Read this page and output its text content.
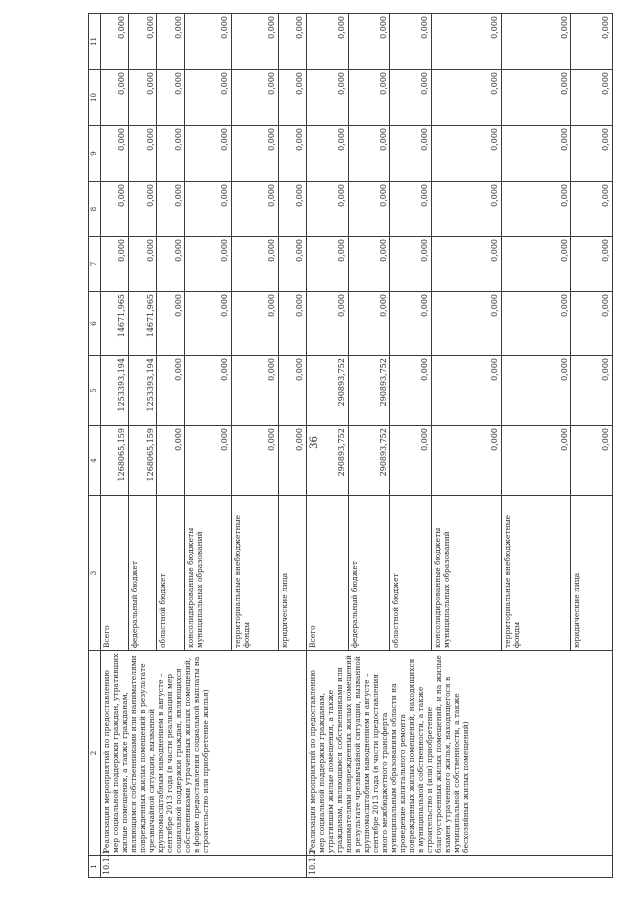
36
1	2	3	4	5	6	7	8	9	10	11
10.1.1	Реализация мероприятий по предоставлению мер социальной поддержки граждан, утративших жилые помещения, а также гражданам, являющимся собственниками или нанимателями поврежденных жилых помещений в результате чрезвычайной ситуации, вызванной крупномасштабным наводнением в августе – сентябре 2013 года (в части реализации мер социальной поддержки граждан, являющихся собственниками утраченных жилых помещений, в форме предоставления социальной выплаты на строительство или приобретение жилья)	Всего	1268065,159	1253393,194	14671,965	0,000	0,000	0,000	0,000	0,000
		федеральный бюджет	1268065,159	1253393,194	14671,965	0,000	0,000	0,000	0,000	0,000
		областной бюджет	0,000	0,000	0,000	0,000	0,000	0,000	0,000	0,000
		консолидированные бюджеты муниципальных образований	0,000	0,000	0,000	0,000	0,000	0,000	0,000	0,000
		территориальные внебюджетные фонды	0,000	0,000	0,000	0,000	0,000	0,000	0,000	0,000
		юридические лица	0,000	0,000	0,000	0,000	0,000	0,000	0,000	0,000
10.1.2	Реализация мероприятий по предоставлению мер социальной поддержки гражданам, утратившим жилые помещения, а также гражданам, являющимся собственниками или нанимателями поврежденных жилых помещений в результате чрезвычайной ситуации, вызванной крупномасштабным наводнением в августе – сентябре 2013 года (в части предоставления иного межбюджетного трансферта муниципальным образованиям области на проведение капитального ремонта поврежденных жилых помещений, находящихся в муниципальной собственности, а также строительство и (или) приобретение благоустроенных жилых помещений, и на жилые взамен утраченного жилья, находящегося в муниципальной собственности, а также бесхозяйных жилых помещений)	Всего	290893,752	290893,752	0,000	0,000	0,000	0,000	0,000	0,000
		федеральный бюджет	290893,752	290893,752	0,000	0,000	0,000	0,000	0,000	0,000
		областной бюджет	0,000	0,000	0,000	0,000	0,000	0,000	0,000	0,000
		консолидированные бюджеты муниципальных образований	0,000	0,000	0,000	0,000	0,000	0,000	0,000	0,000
		территориальные внебюджетные фонды	0,000	0,000	0,000	0,000	0,000	0,000	0,000	0,000
		юридические лица	0,000	0,000	0,000	0,000	0,000	0,000	0,000	0,000
